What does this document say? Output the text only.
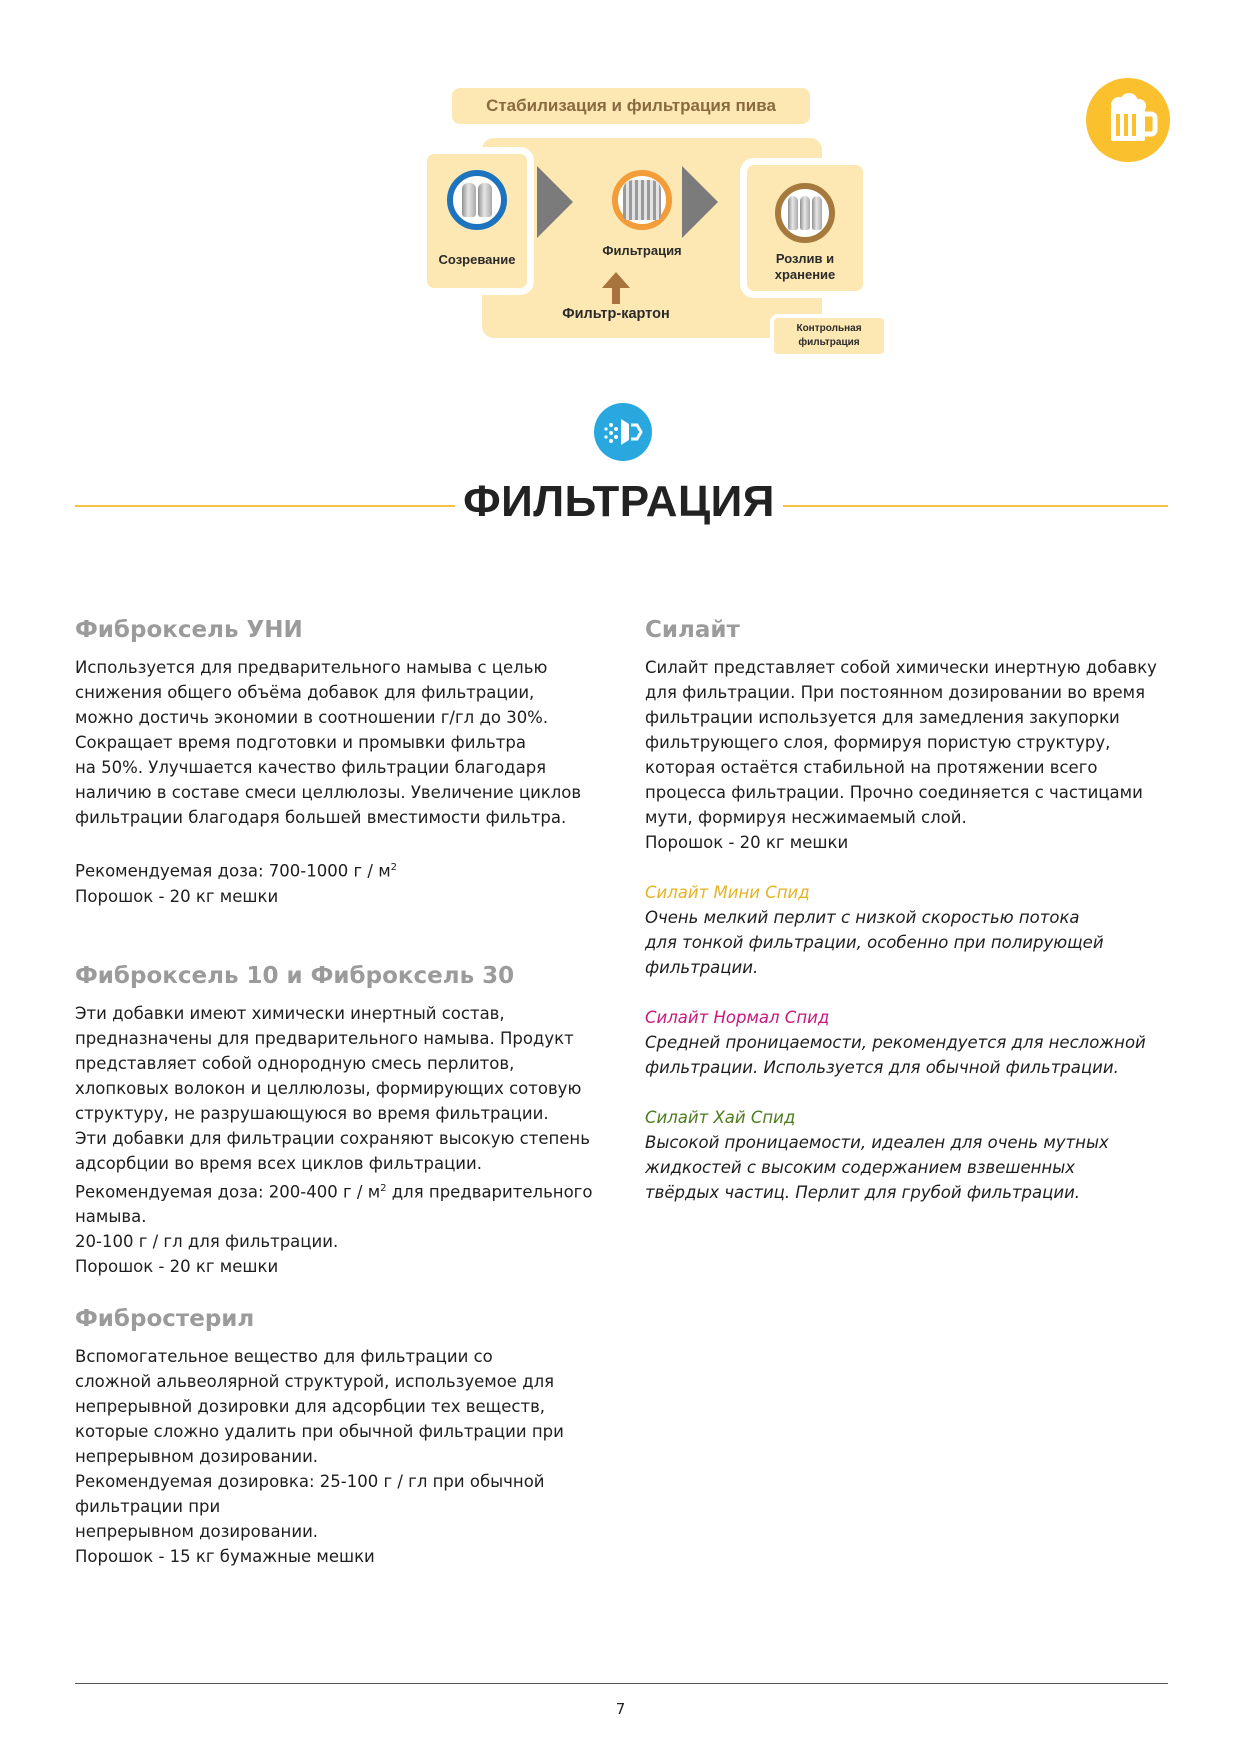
Стабилизация и фильтрация пива
Созревание
Фильтрация
Розлив и
хранение
Фильтр-картон
Контрольная
фильтрация
ФИЛЬТРАЦИЯ
Фиброксель УНИ

Используется для предварительного намыва с целью
снижения общего объёма добавок для фильтрации,
можно достичь экономии в соотношении г/гл до 30%.
Сокращает время подготовки и промывки фильтра
на 50%. Улучшается качество фильтрации благодаря
наличию в составе смеси целлюлозы. Увеличение циклов
фильтрации благодаря большей вместимости фильтра.

Рекомендуемая доза: 700-1000 г / $м^2$

Порошок - 20 кг мешки

Фиброксель 10 и Фиброксель 30

Эти добавки имеют химически инертный состав,
предназначены для предварительного намыва. Продукт
представляет собой однородную смесь перлитов,
хлопковых волокон и целлюлозы, формирующих сотовую
структуру, не разрушающуюся во время фильтрации.
Эти добавки для фильтрации сохраняют высокую степень
адсорбции во время всех циклов фильтрации.

Рекомендуемая доза: 200-400 г / $м^2$ для предварительного
намыва.

20-100 г / гл для фильтрации.

Порошок - 20 кг мешки

Фибростерил

Вспомогательное вещество для фильтрации со
сложной альвеолярной структурой, используемое для
непрерывной дозировки для адсорбции тех веществ,
которые сложно удалить при обычной фильтрации при
непрерывном дозировании.
Рекомендуемая дозировка: 25-100 г / гл при обычной
фильтрации при
непрерывном дозировании.

Порошок - 15 кг бумажные мешки

Силайт

Силайт представляет собой химически инертную добавку
для фильтрации. При постоянном дозировании во время
фильтрации используется для замедления закупорки
фильтрующего слоя, формируя пористую структуру,
которая остаётся стабильной на протяжении всего
процесса фильтрации. Прочно соединяется с частицами
мути, формируя несжимаемый слой.

Порошок - 20 кг мешки

Силайт Мини Спид

Очень мелкий перлит с низкой скоростью потока
для тонкой фильтрации, особенно при полирующей
фильтрации.

Силайт Нормал Спид

Средней проницаемости, рекомендуется для несложной
фильтрации. Используется для обычной фильтрации.

Силайт Хай Спид

Высокой проницаемости, идеален для очень мутных
жидкостей с высоким содержанием взвешенных
твёрдых частиц. Перлит для грубой фильтрации.

7
